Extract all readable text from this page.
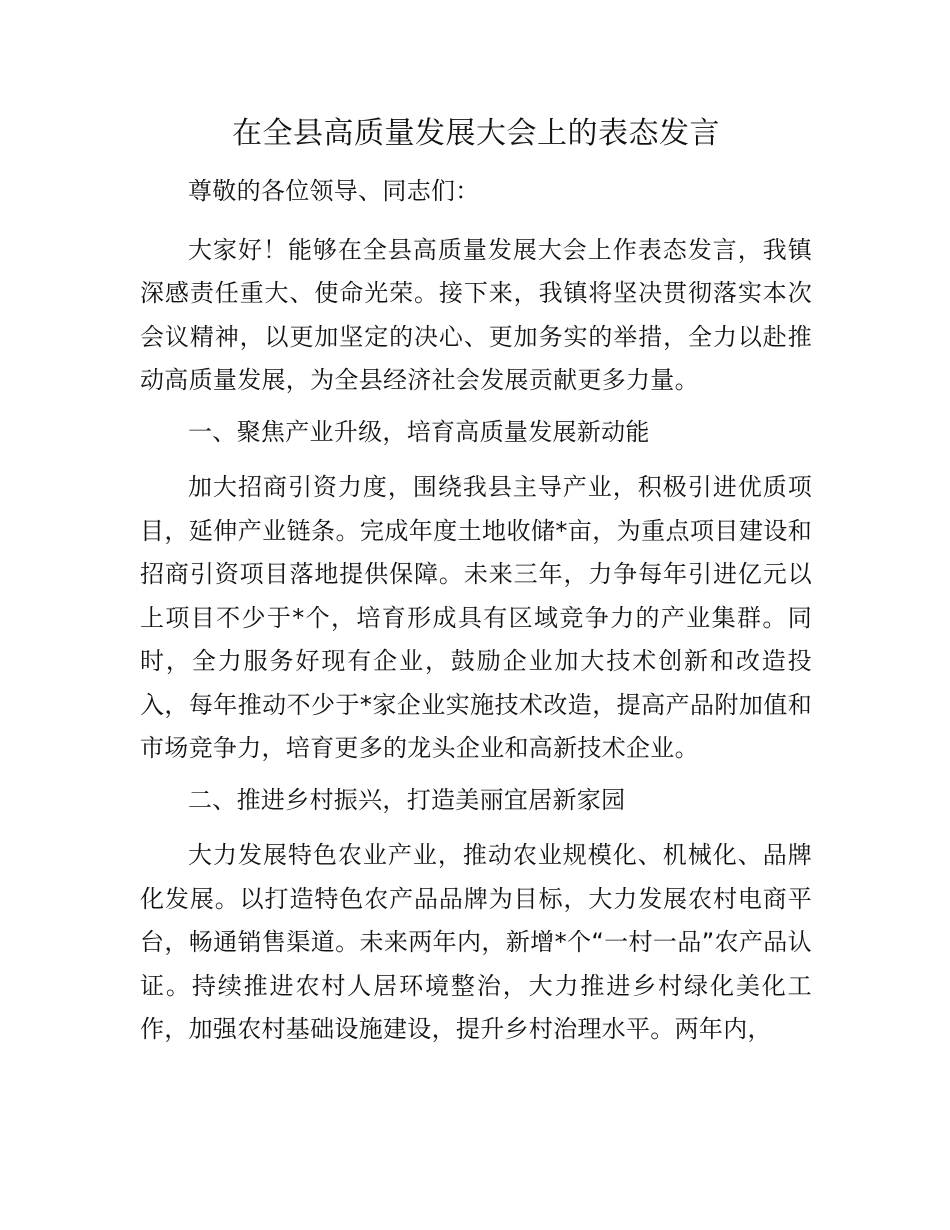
在全县高质量发展大会上的表态发言

尊敬的各位领导、同志们：

大家好！能够在全县高质量发展大会上作表态发言，我镇深感责任重大、使命光荣。接下来，我镇将坚决贯彻落实本次会议精神，以更加坚定的决心、更加务实的举措，全力以赴推动高质量发展，为全县经济社会发展贡献更多力量。

一、聚焦产业升级，培育高质量发展新动能

加大招商引资力度，围绕我县主导产业，积极引进优质项目，延伸产业链条。完成年度土地收储*亩，为重点项目建设和招商引资项目落地提供保障。未来三年，力争每年引进亿元以上项目不少于*个，培育形成具有区域竞争力的产业集群。同时，全力服务好现有企业，鼓励企业加大技术创新和改造投入，每年推动不少于*家企业实施技术改造，提高产品附加值和市场竞争力，培育更多的龙头企业和高新技术企业。

二、推进乡村振兴，打造美丽宜居新家园

大力发展特色农业产业，推动农业规模化、机械化、品牌化发展。以打造特色农产品品牌为目标，大力发展农村电商平台，畅通销售渠道。未来两年内，新增*个“一村一品”农产品认证。持续推进农村人居环境整治，大力推进乡村绿化美化工作，加强农村基础设施建设，提升乡村治理水平。两年内，
